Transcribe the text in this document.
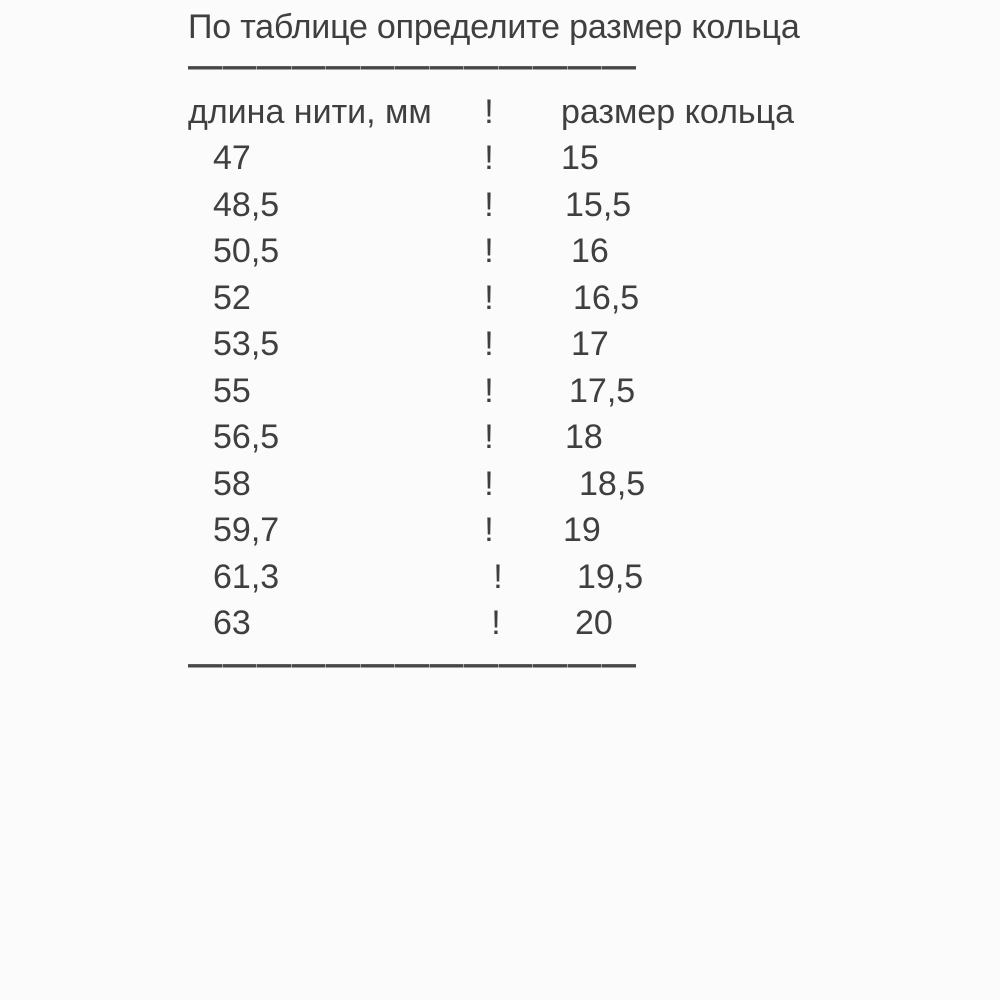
По таблице определите размер кольца
—————————————
длина нити, мм	! размер кольца
47	! 15
48,5	! 15,5
50,5	!	16
52	!	16,5
53,5	!	17
55	!	17,5
56,5	! 18
58	!	18,5
59,7	! 19
61,3	!	19,5
63	!	20
—————————————
